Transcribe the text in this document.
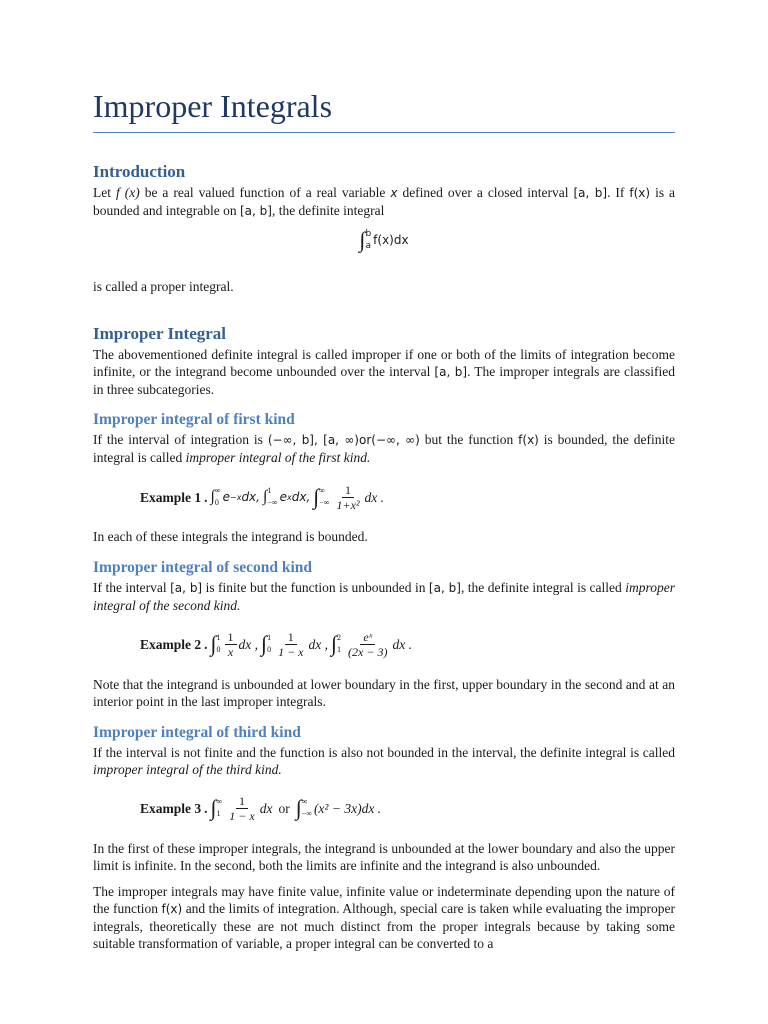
Improper Integrals
Introduction

Let f (x) be a real valued function of a real variable x defined over a closed interval [a, b]. If f(x) is a bounded and integrable on [a, b], the definite integral

∫ b
a f(x)dx

is called a proper integral.

Improper Integral

The abovementioned definite integral is called improper if one or both of the limits of integration become infinite, or the integrand become unbounded over the interval [a, b]. The improper integrals are classified in three subcategories.

Improper integral of first kind

If the interval of integration is (−∞, b], [a, ∞)or(−∞, ∞) but the function f(x) is bounded, the definite integral is called improper integral of the first kind.

Example 1 . ∫ ∞
0 e −x dx, ∫ 1
−∞ e x dx, ∫ ∞
−∞ $\frac{1}{\text{1+x²}}$ dx .

In each of these integrals the integrand is bounded.

Improper integral of second kind

If the interval [a, b] is finite but the function is unbounded in [a, b], the definite integral is called improper integral of the second kind.

Example 2 . ∫ 1
$0 \frac{1}{x}$ dx , ∫ 1
$0 \frac{1}{1 - x}$ dx , ∫ 2
$1 \frac{\text{eˣ}}{(2x - 3)}$ dx .

Note that the integrand is unbounded at lower boundary in the first, upper boundary in the second and at an interior point in the last improper integrals.

Improper integral of third kind

If the interval is not finite and the function is also not bounded in the interval, the definite integral is called improper integral of the third kind.

Example 3 . ∫ ∞
$1 \frac{1}{1 - x}$ dx or ∫ ∞
−∞ (x² − 3x)dx .

In the first of these improper integrals, the integrand is unbounded at the lower boundary and also the upper limit is infinite. In the second, both the limits are infinite and the integrand is also unbounded.

The improper integrals may have finite value, infinite value or indeterminate depending upon the nature of the function f(x) and the limits of integration. Although, special care is taken while evaluating the improper integrals, theoretically these are not much distinct from the proper integrals because by taking some suitable transformation of variable, a proper integral can be converted to a
